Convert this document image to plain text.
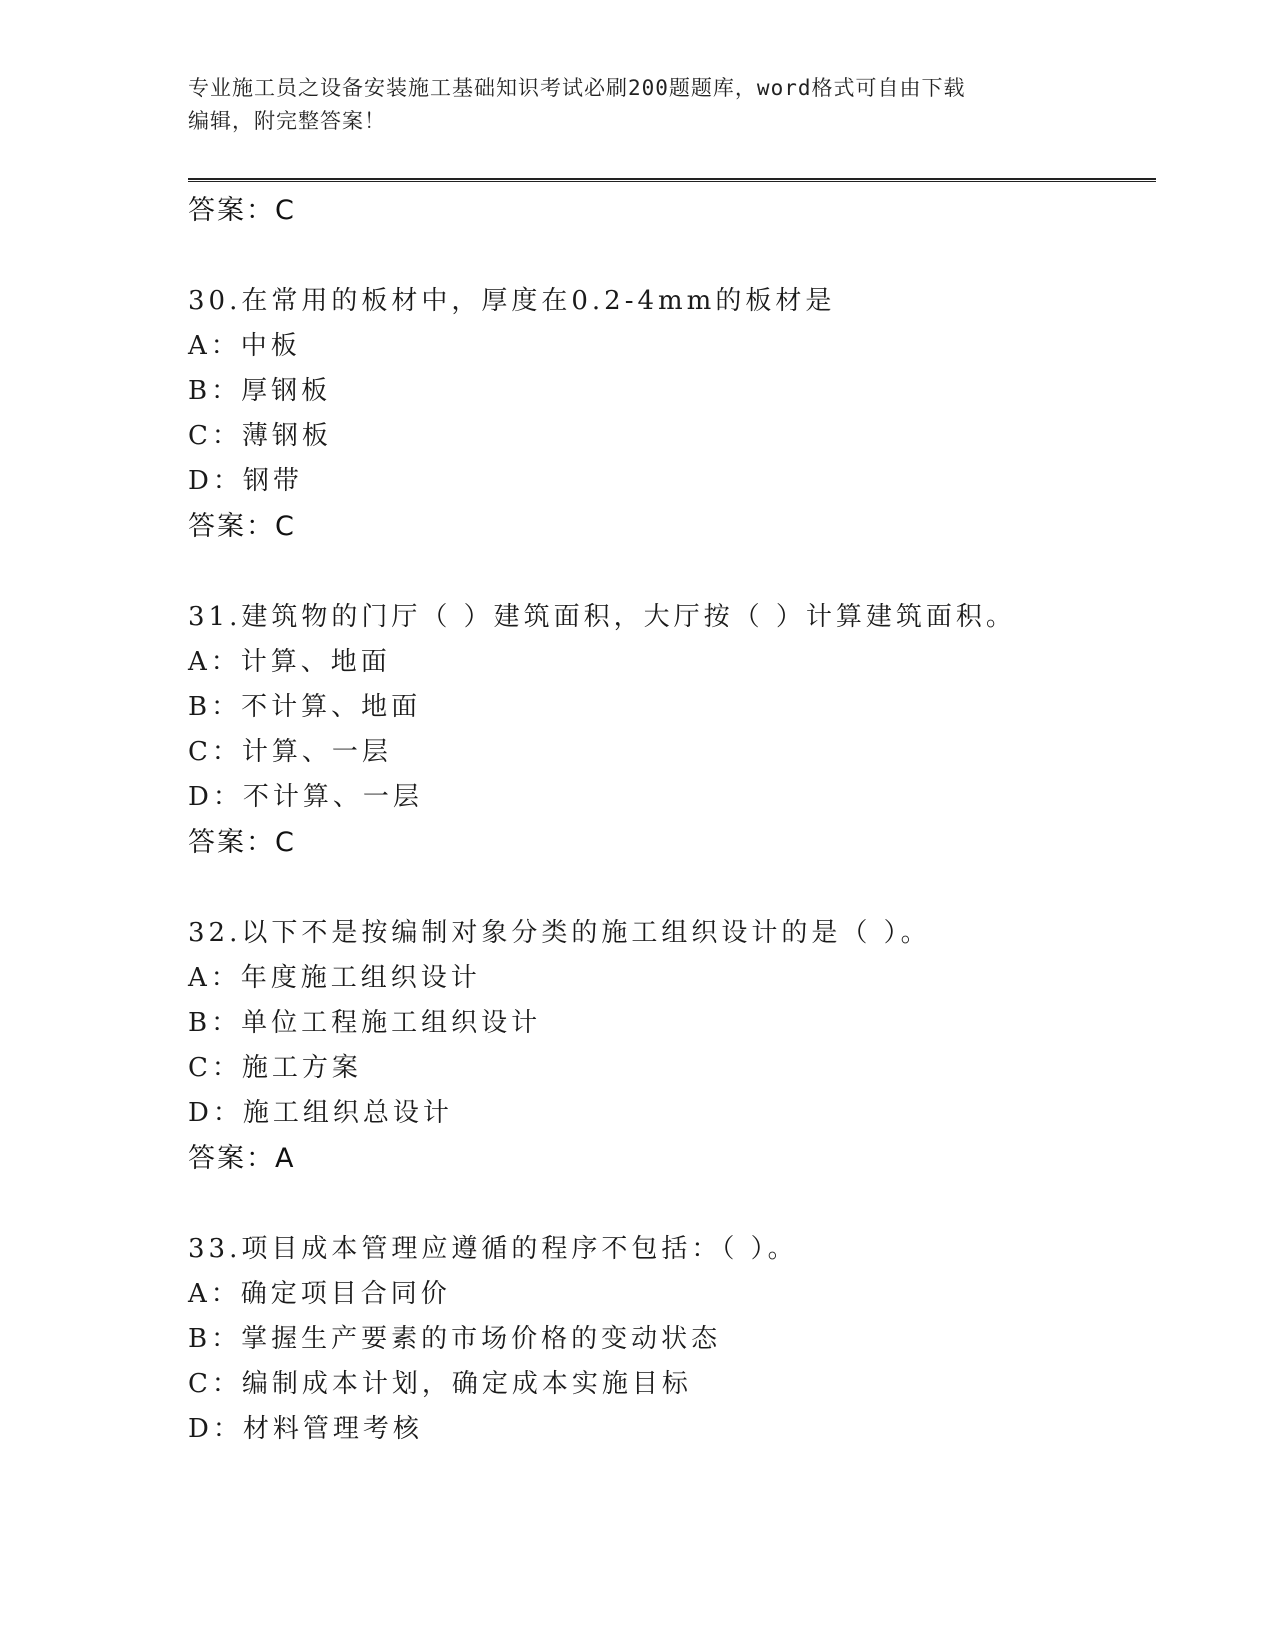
专业施工员之设备安装施工基础知识考试必刷200题题库，word格式可自由下载
编辑，附完整答案！
答案：C
30.在常用的板材中，厚度在0.2-4mm的板材是
A：中板
B：厚钢板
C：薄钢板
D：钢带
答案：C
31.建筑物的门厅（ ）建筑面积，大厅按（ ）计算建筑面积。
A：计算、地面
B：不计算、地面
C：计算、一层
D：不计算、一层
答案：C
32.以下不是按编制对象分类的施工组织设计的是（ ）。
A：年度施工组织设计
B：单位工程施工组织设计
C：施工方案
D：施工组织总设计
答案：A
33.项目成本管理应遵循的程序不包括：（ ）。
A：确定项目合同价
B：掌握生产要素的市场价格的变动状态
C：编制成本计划，确定成本实施目标
D：材料管理考核
